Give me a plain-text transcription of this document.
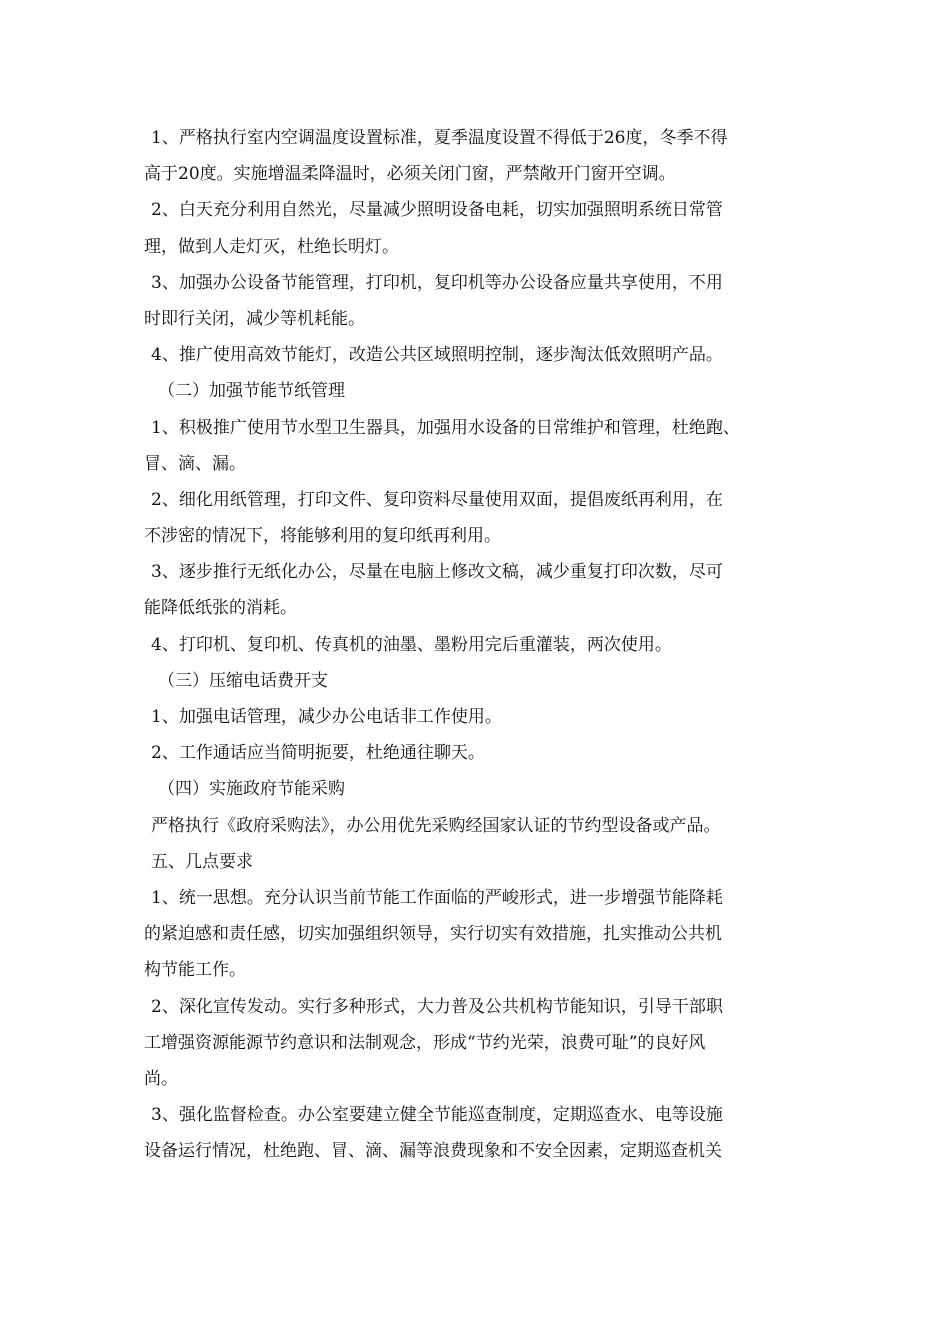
1、严格执行室内空调温度设置标准，夏季温度设置不得低于26度，冬季不得
高于20度。实施增温柔降温时，必须关闭门窗，严禁敞开门窗开空调。
2、白天充分利用自然光，尽量减少照明设备电耗，切实加强照明系统日常管
理，做到人走灯灭，杜绝长明灯。
3、加强办公设备节能管理，打印机，复印机等办公设备应量共享使用，不用
时即行关闭，减少等机耗能。
4、推广使用高效节能灯，改造公共区域照明控制，逐步淘汰低效照明产品。
（二）加强节能节纸管理
1、积极推广使用节水型卫生器具，加强用水设备的日常维护和管理，杜绝跑、
冒、滴、漏。
2、细化用纸管理，打印文件、复印资料尽量使用双面，提倡废纸再利用，在
不涉密的情况下，将能够利用的复印纸再利用。
3、逐步推行无纸化办公，尽量在电脑上修改文稿，减少重复打印次数，尽可
能降低纸张的消耗。
4、打印机、复印机、传真机的油墨、墨粉用完后重灌装，两次使用。
（三）压缩电话费开支
1、加强电话管理，减少办公电话非工作使用。
2、工作通话应当简明扼要，杜绝通往聊天。
（四）实施政府节能采购
严格执行《政府采购法》，办公用优先采购经国家认证的节约型设备或产品。
五、几点要求
1、统一思想。充分认识当前节能工作面临的严峻形式，进一步增强节能降耗
的紧迫感和责任感，切实加强组织领导，实行切实有效措施，扎实推动公共机
构节能工作。
2、深化宣传发动。实行多种形式，大力普及公共机构节能知识，引导干部职
工增强资源能源节约意识和法制观念，形成“节约光荣，浪费可耻”的良好风
尚。
3、强化监督检查。办公室要建立健全节能巡查制度，定期巡查水、电等设施
设备运行情况，杜绝跑、冒、滴、漏等浪费现象和不安全因素，定期巡查机关
